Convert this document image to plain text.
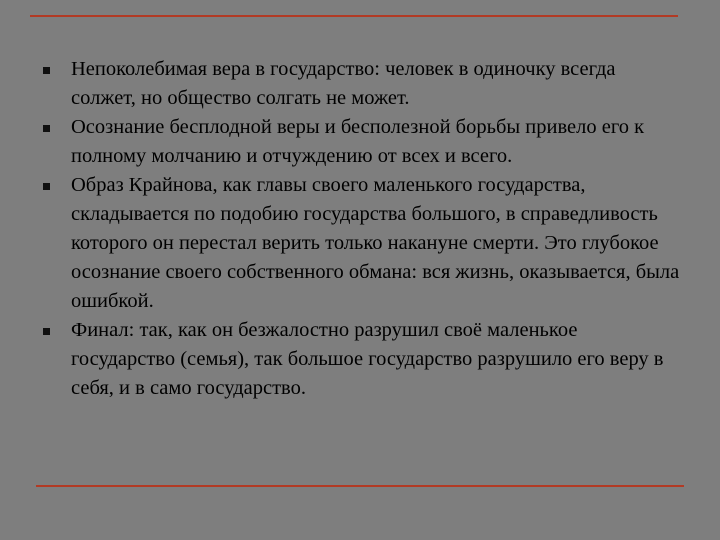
Непоколебимая вера в государство: человек в одиночку всегда солжет, но общество солгать не может.
Осознание бесплодной веры и бесполезной борьбы привело его к полному молчанию и отчуждению от всех и всего.
Образ Крайнова, как главы своего маленького государства, складывается по подобию государства большого, в справедливость которого он перестал верить только накануне смерти. Это глубокое осознание своего собственного обмана: вся жизнь, оказывается, была ошибкой.
Финал: так, как он безжалостно разрушил своё маленькое государство (семья), так большое государство разрушило его веру в себя, и в само государство.
